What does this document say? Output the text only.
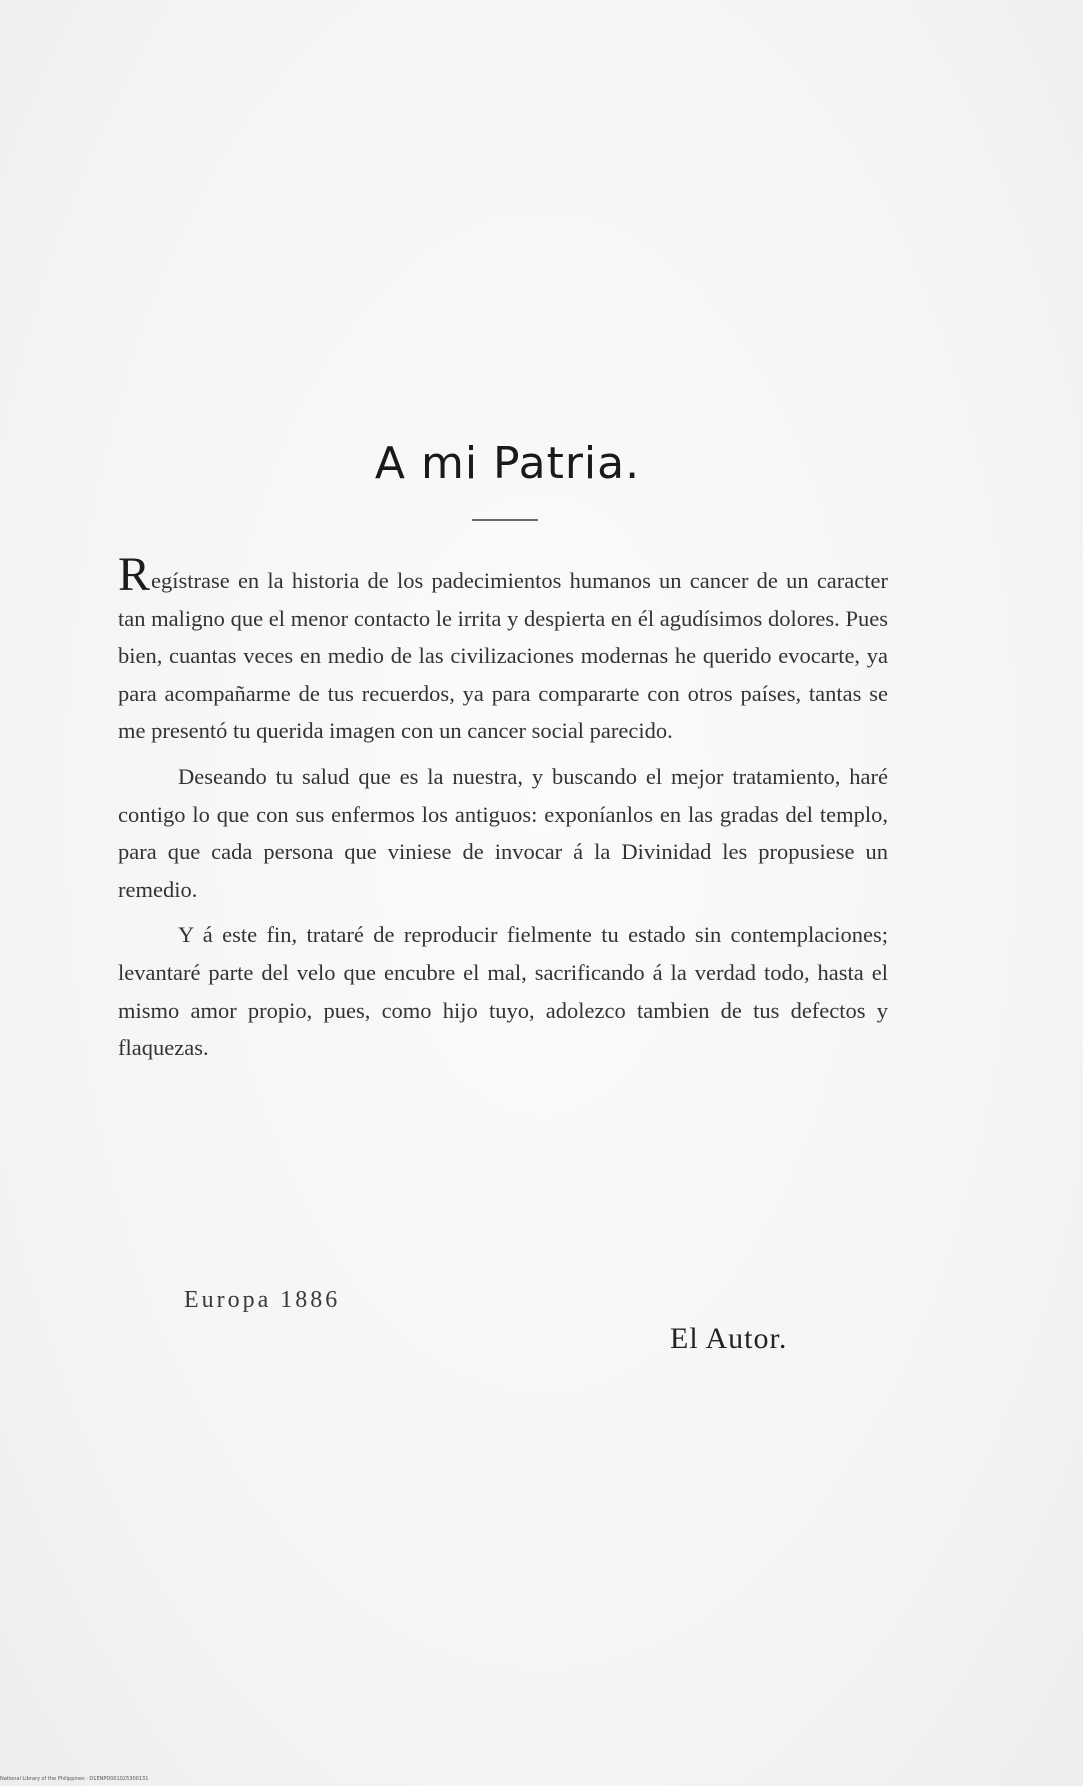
A mi Patria.

Regístrase en la historia de los padecimientos humanos un cancer de un caracter tan maligno que el menor contacto le irrita y despierta en él agudísimos dolores. Pues bien, cuantas veces en medio de las civilizaciones modernas he querido evocarte, ya para acompañarme de tus recuerdos, ya para compararte con otros países, tantas se me presentó tu querida imagen con un cancer social parecido.

Deseando tu salud que es la nuestra, y buscando el mejor tratamiento, haré contigo lo que con sus enfermos los antiguos: exponíanlos en las gradas del templo, para que cada persona que viniese de invocar á la Divinidad les propusiese un remedio.

Y á este fin, trataré de reproducir fielmente tu estado sin contemplaciones; levantaré parte del velo que encubre el mal, sacrificando á la verdad todo, hasta el mismo amor propio, pues, como hijo tuyo, adolezco tambien de tus defectos y flaquezas.

Europa 1886
El Autor.
National Library of the Philippines · D1ENPD001025300131
